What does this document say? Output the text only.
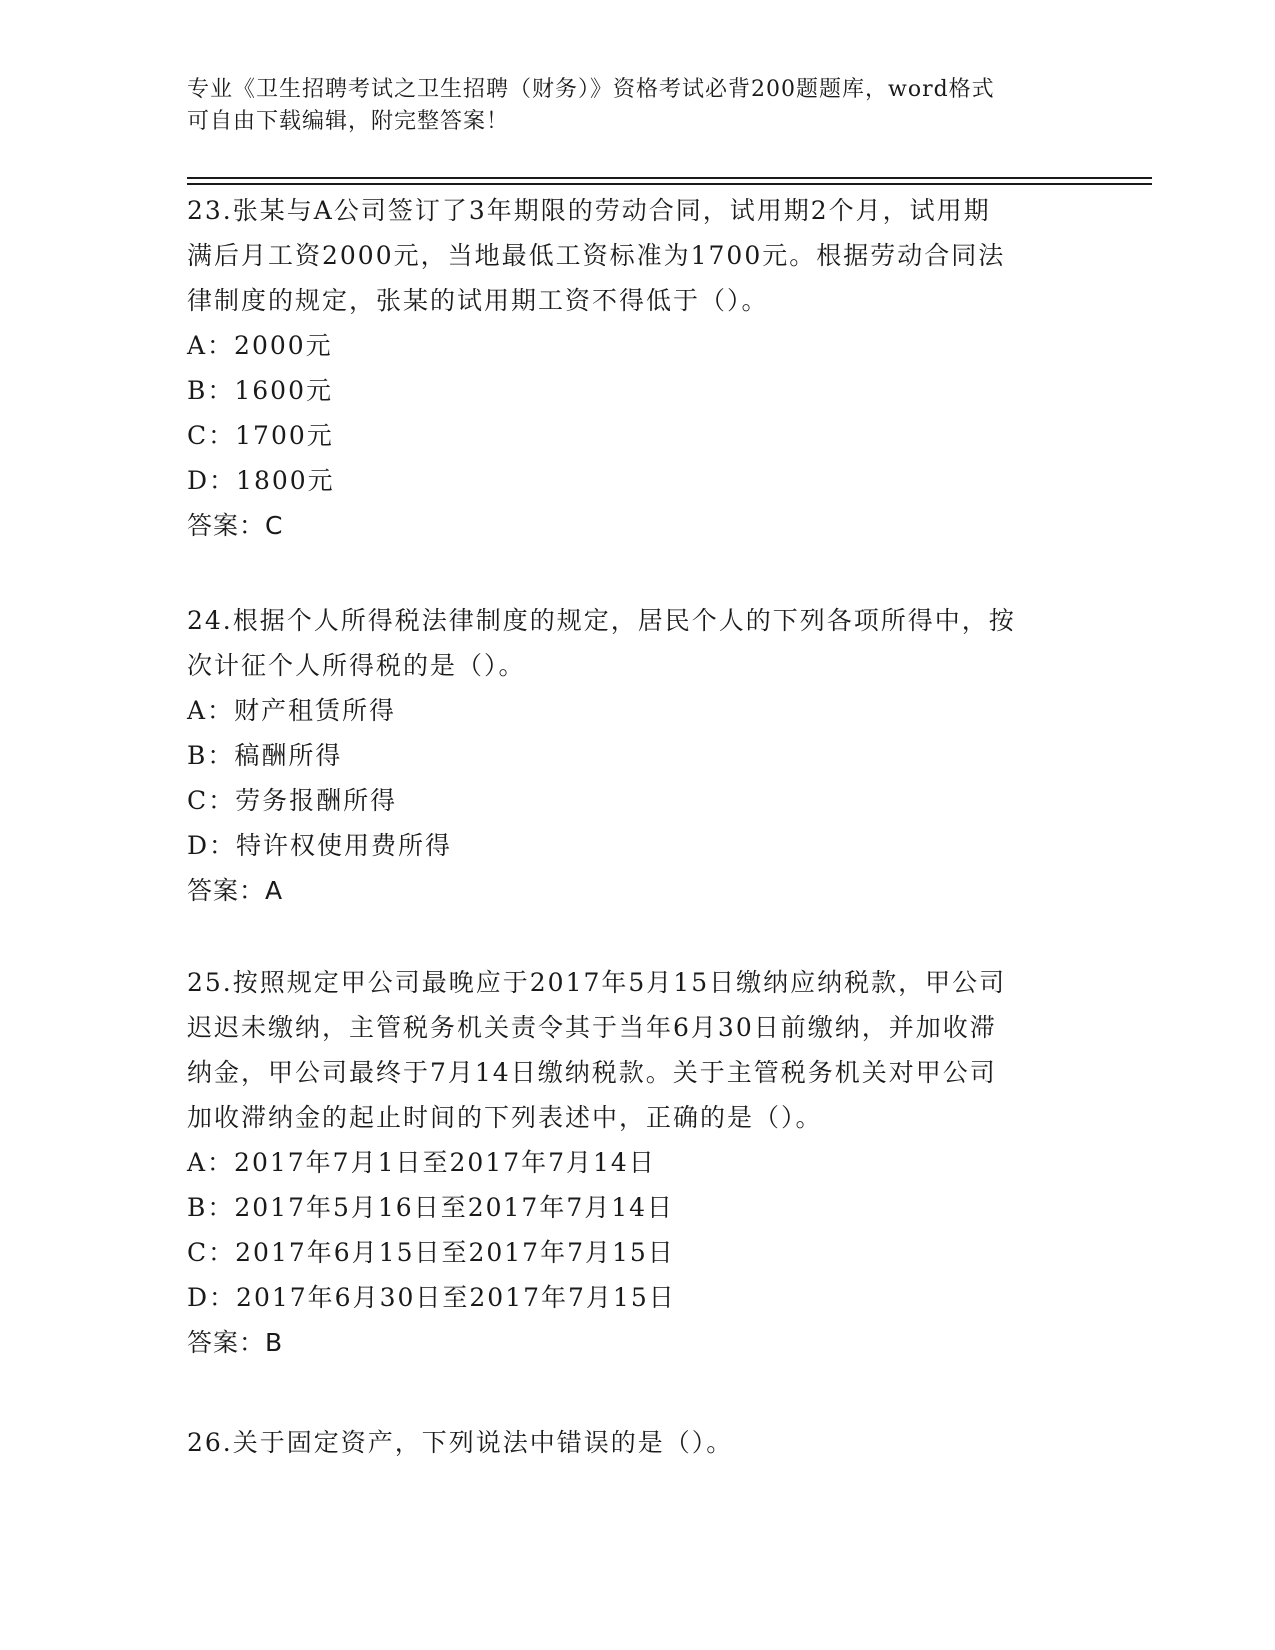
专业《卫生招聘考试之卫生招聘（财务）》资格考试必背200题题库，word格式
可自由下载编辑，附完整答案！
23.张某与A公司签订了3年期限的劳动合同，试用期2个月，试用期
满后月工资2000元，当地最低工资标准为1700元。根据劳动合同法
律制度的规定，张某的试用期工资不得低于（）。
A：2000元
B：1600元
C：1700元
D：1800元
答案：C
24.根据个人所得税法律制度的规定，居民个人的下列各项所得中，按
次计征个人所得税的是（）。
A：财产租赁所得
B：稿酬所得
C：劳务报酬所得
D：特许权使用费所得
答案：A
25.按照规定甲公司最晚应于2017年5月15日缴纳应纳税款，甲公司
迟迟未缴纳，主管税务机关责令其于当年6月30日前缴纳，并加收滞
纳金，甲公司最终于7月14日缴纳税款。关于主管税务机关对甲公司
加收滞纳金的起止时间的下列表述中，正确的是（）。
A：2017年7月1日至2017年7月14日
B：2017年5月16日至2017年7月14日
C：2017年6月15日至2017年7月15日
D：2017年6月30日至2017年7月15日
答案：B
26.关于固定资产，下列说法中错误的是（）。
